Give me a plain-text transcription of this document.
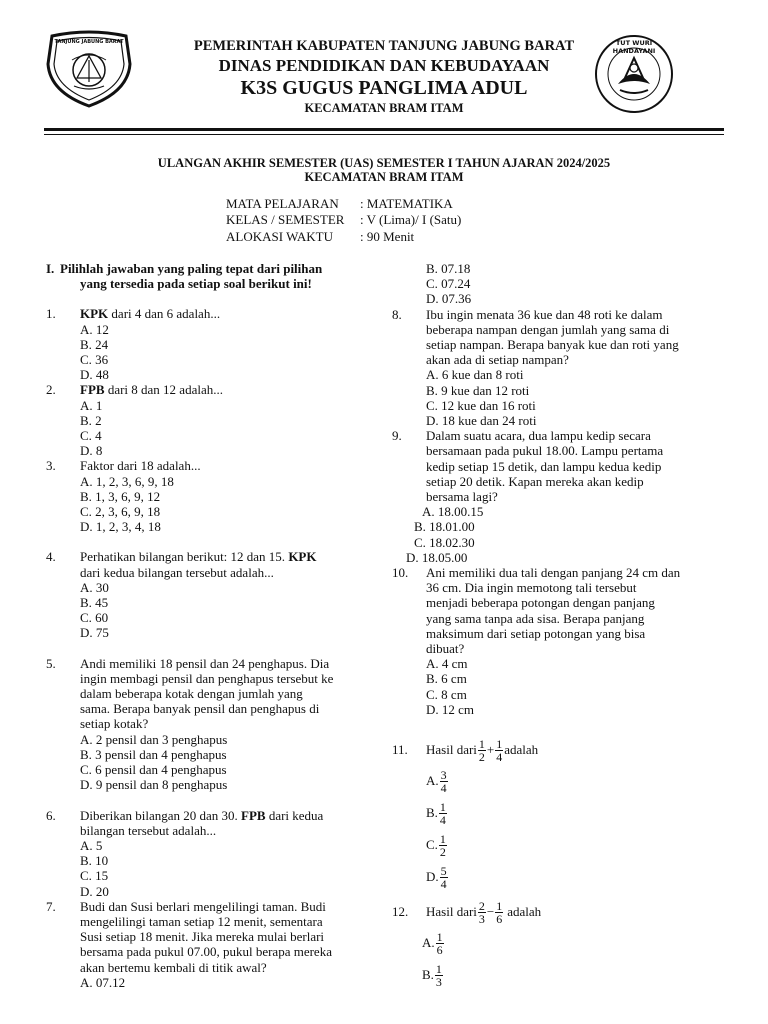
TANJUNG JABUNG BARAT	TUT WURI HANDAYANI
PEMERINTAH KABUPATEN TANJUNG JABUNG BARAT
DINAS PENDIDIKAN DAN KEBUDAYAAN
K3S GUGUS PANGLIMA ADUL
KECAMATAN BRAM ITAM
ULANGAN AKHIR SEMESTER (UAS) SEMESTER I TAHUN AJARAN 2024/2025
KECAMATAN BRAM ITAM
MATA PELAJARAN : MATEMATIKA
KELAS / SEMESTER : V (Lima)/ I (Satu)
ALOKASI WAKTU : 90 Menit
I. Pilihlah jawaban yang paling tepat dari pilihan
yang tersedia pada setiap soal berikut ini!
1. KPK dari 4 dan 6 adalah...
A. 12
B. 24
C. 36
D. 48
2. FPB dari 8 dan 12 adalah...
A. 1
B. 2
C. 4
D. 8
3. Faktor dari 18 adalah...
A. 1, 2, 3, 6, 9, 18
B. 1, 3, 6, 9, 12
C. 2, 3, 6, 9, 18
D. 1, 2, 3, 4, 18
4. Perhatikan bilangan berikut: 12 dan 15. KPK
dari kedua bilangan tersebut adalah...
A. 30
B. 45
C. 60
D. 75
5. Andi memiliki 18 pensil dan 24 penghapus. Dia
ingin membagi pensil dan penghapus tersebut ke
dalam beberapa kotak dengan jumlah yang
sama. Berapa banyak pensil dan penghapus di
setiap kotak?
A. 2 pensil dan 3 penghapus
B. 3 pensil dan 4 penghapus
C. 6 pensil dan 4 penghapus
D. 9 pensil dan 8 penghapus
6. Diberikan bilangan 20 dan 30. FPB dari kedua
bilangan tersebut adalah...
A. 5
B. 10
C. 15
D. 20
7. Budi dan Susi berlari mengelilingi taman. Budi
mengelilingi taman setiap 12 menit, sementara
Susi setiap 18 menit. Jika mereka mulai berlari
bersama pada pukul 07.00, pukul berapa mereka
akan bertemu kembali di titik awal?
A. 07.12
B. 07.18
C. 07.24
D. 07.36
8. Ibu ingin menata 36 kue dan 48 roti ke dalam
beberapa nampan dengan jumlah yang sama di
setiap nampan. Berapa banyak kue dan roti yang
akan ada di setiap nampan?
A. 6 kue dan 8 roti
B. 9 kue dan 12 roti
C. 12 kue dan 16 roti
D. 18 kue dan 24 roti
9. Dalam suatu acara, dua lampu kedip secara
bersamaan pada pukul 18.00. Lampu pertama
kedip setiap 15 detik, dan lampu kedua kedip
setiap 20 detik. Kapan mereka akan kedip
bersama lagi?
A. 18.00.15
B. 18.01.00
C. 18.02.30
D. 18.05.00
10. Ani memiliki dua tali dengan panjang 24 cm dan
36 cm. Dia ingin memotong tali tersebut
menjadi beberapa potongan dengan panjang
yang sama tanpa ada sisa. Berapa panjang
maksimum dari setiap potongan yang bisa
dibuat?
A. 4 cm
B. 6 cm
C. 8 cm
D. 12 cm
11.	Hasil dari $\frac{1}{2} + \frac{1}{4}$ adalah
A. $\frac{3}{4}$
B. $\frac{1}{4}$
C. $\frac{1}{2}$
D. $\frac{5}{4}$
12.	Hasil dari $\frac{2}{3} - \frac{1}{6}$ adalah
A. $\frac{1}{6}$
B. $\frac{1}{3}$
